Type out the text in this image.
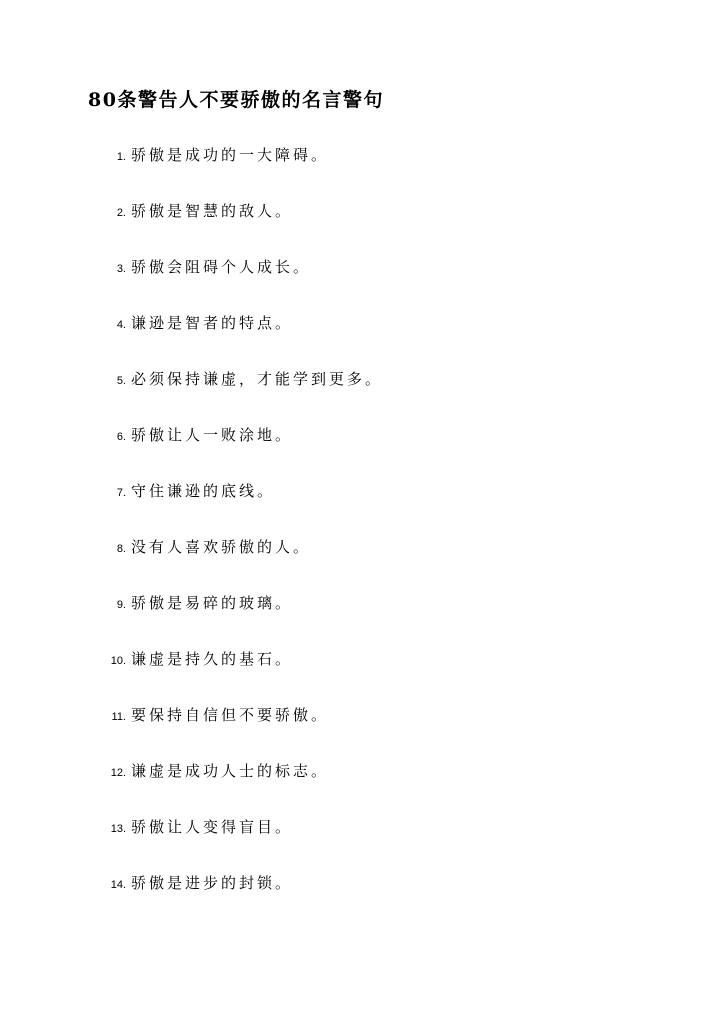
80条警告人不要骄傲的名言警句
1. 骄傲是成功的一大障碍。
2. 骄傲是智慧的敌人。
3. 骄傲会阻碍个人成长。
4. 谦逊是智者的特点。
5. 必须保持谦虚，才能学到更多。
6. 骄傲让人一败涂地。
7. 守住谦逊的底线。
8. 没有人喜欢骄傲的人。
9. 骄傲是易碎的玻璃。
10. 谦虚是持久的基石。
11. 要保持自信但不要骄傲。
12. 谦虚是成功人士的标志。
13. 骄傲让人变得盲目。
14. 骄傲是进步的封锁。
